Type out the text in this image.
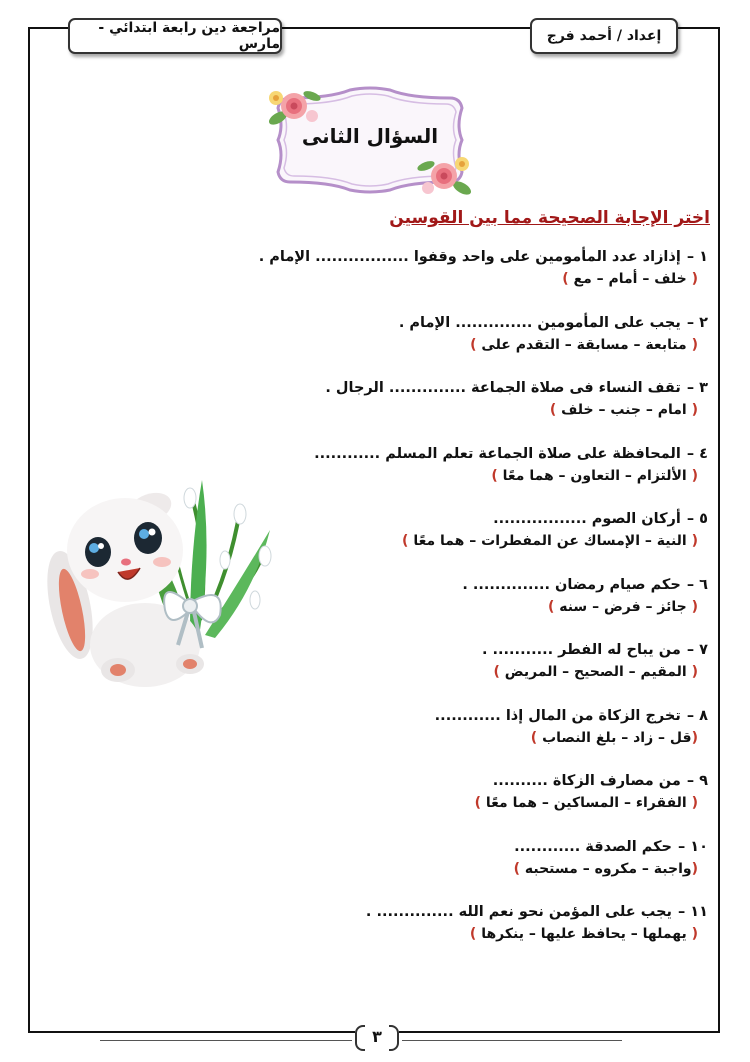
مراجعة دين رابعة ابتدائي - مارس	إعداد / أحمد فرج
السؤال الثانى
اختر الإجابة الصحيحة مما بين القوسين
١ –إذازاد عدد المأمومين على واحد وقفوا ................. الإمام .
( خلف – أمام – مع )
٢ –يجب على المأمومين .............. الإمام .
( متابعة – مسابقة – التقدم على )
٣ –تقف النساء فى صلاة الجماعة .............. الرجال .
( امام – جنب – خلف )
٤ –المحافظة على صلاة الجماعة تعلم المسلم ............
( الألتزام – التعاون – هما معًا )
٥ –أركان الصوم .................
( النية – الإمساك عن المفطرات – هما معًا )
٦ –حكم صيام رمضان .............. .
( جائز – فرض – سنه )
٧ –من يباح له الفطر ........... .
( المقيم – الصحيح – المريض )
٨ –تخرج الزكاة من المال إذا ............
(قل – زاد – بلغ النصاب )
٩ –من مصارف الزكاة ..........
( الفقراء – المساكين – هما معًا )
١٠ –حكم الصدقة ............
(واجبة – مكروه – مستحبه )
١١ –يجب على المؤمن نحو نعم الله .............. .
( يهملها – يحافظ عليها – ينكرها )
٣
